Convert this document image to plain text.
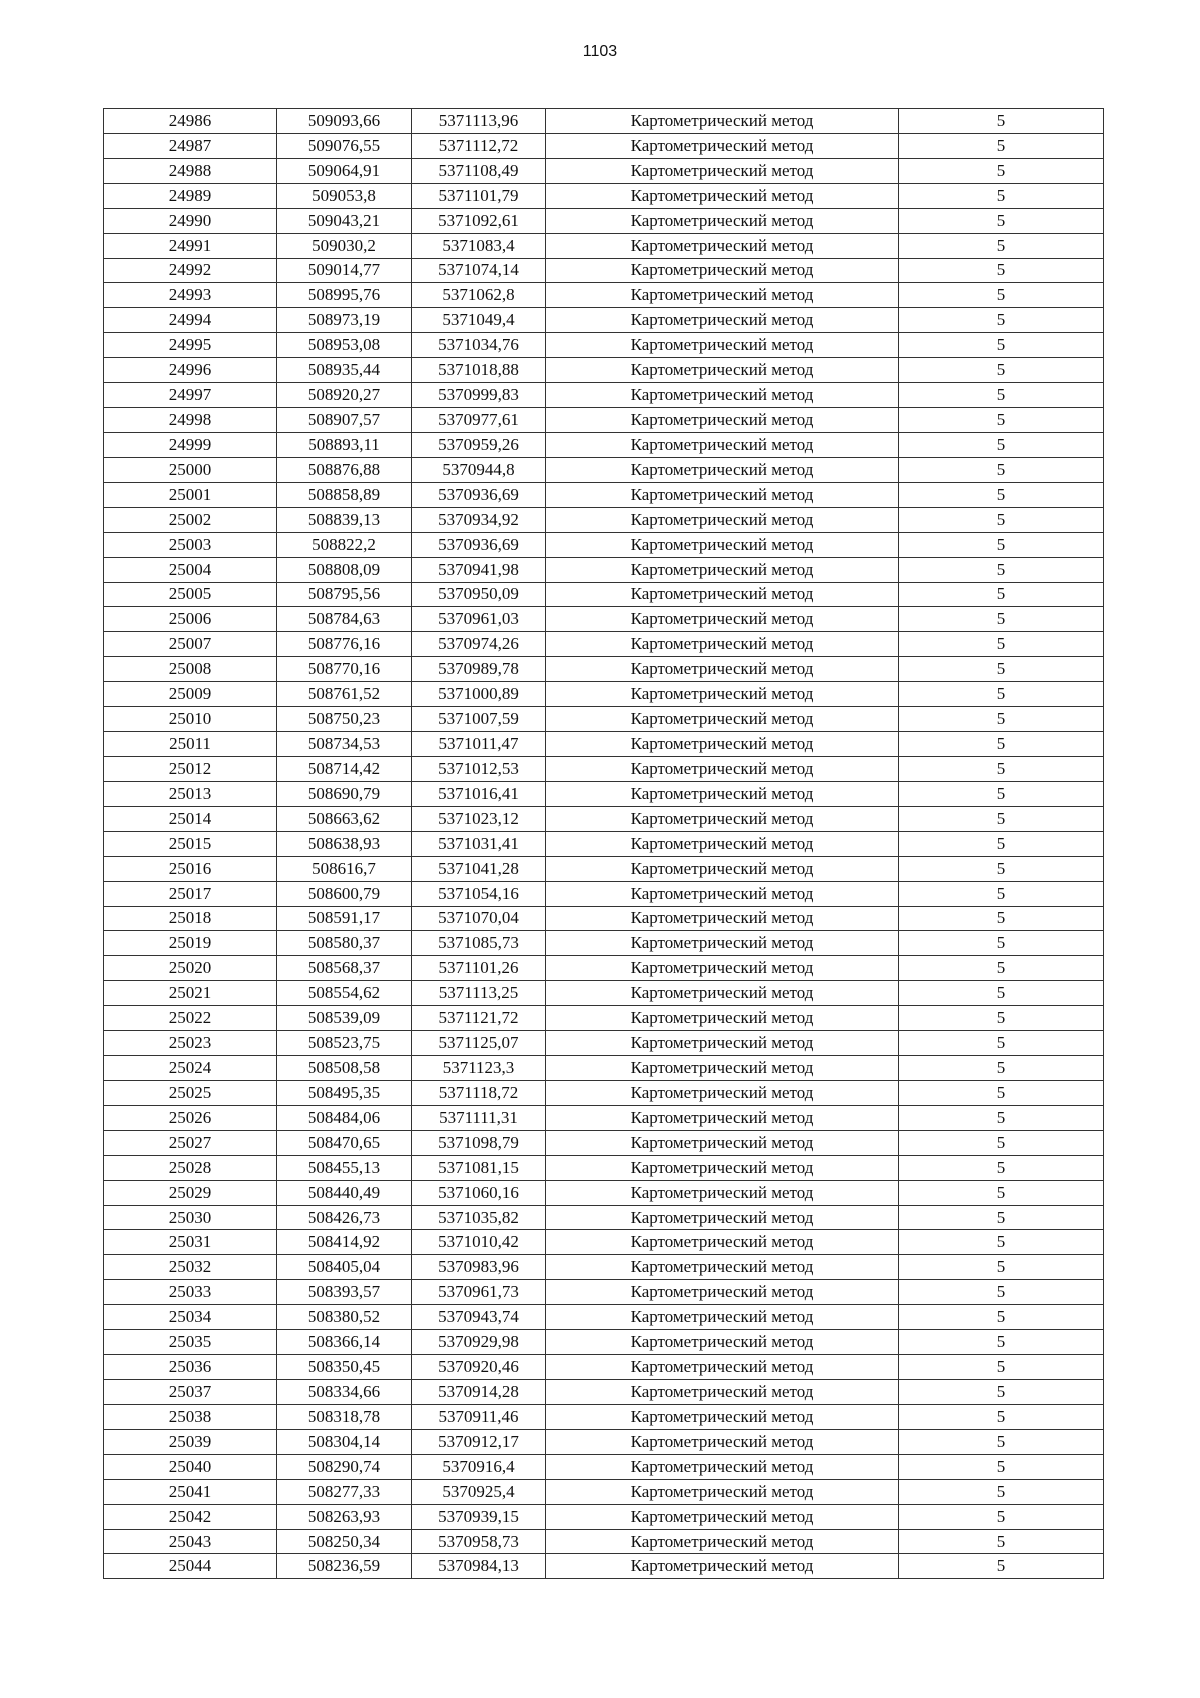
1103
24986	509093,66	5371113,96	Картометрический метод	5
24987	509076,55	5371112,72	Картометрический метод	5
24988	509064,91	5371108,49	Картометрический метод	5
24989	509053,8	5371101,79	Картометрический метод	5
24990	509043,21	5371092,61	Картометрический метод	5
24991	509030,2	5371083,4	Картометрический метод	5
24992	509014,77	5371074,14	Картометрический метод	5
24993	508995,76	5371062,8	Картометрический метод	5
24994	508973,19	5371049,4	Картометрический метод	5
24995	508953,08	5371034,76	Картометрический метод	5
24996	508935,44	5371018,88	Картометрический метод	5
24997	508920,27	5370999,83	Картометрический метод	5
24998	508907,57	5370977,61	Картометрический метод	5
24999	508893,11	5370959,26	Картометрический метод	5
25000	508876,88	5370944,8	Картометрический метод	5
25001	508858,89	5370936,69	Картометрический метод	5
25002	508839,13	5370934,92	Картометрический метод	5
25003	508822,2	5370936,69	Картометрический метод	5
25004	508808,09	5370941,98	Картометрический метод	5
25005	508795,56	5370950,09	Картометрический метод	5
25006	508784,63	5370961,03	Картометрический метод	5
25007	508776,16	5370974,26	Картометрический метод	5
25008	508770,16	5370989,78	Картометрический метод	5
25009	508761,52	5371000,89	Картометрический метод	5
25010	508750,23	5371007,59	Картометрический метод	5
25011	508734,53	5371011,47	Картометрический метод	5
25012	508714,42	5371012,53	Картометрический метод	5
25013	508690,79	5371016,41	Картометрический метод	5
25014	508663,62	5371023,12	Картометрический метод	5
25015	508638,93	5371031,41	Картометрический метод	5
25016	508616,7	5371041,28	Картометрический метод	5
25017	508600,79	5371054,16	Картометрический метод	5
25018	508591,17	5371070,04	Картометрический метод	5
25019	508580,37	5371085,73	Картометрический метод	5
25020	508568,37	5371101,26	Картометрический метод	5
25021	508554,62	5371113,25	Картометрический метод	5
25022	508539,09	5371121,72	Картометрический метод	5
25023	508523,75	5371125,07	Картометрический метод	5
25024	508508,58	5371123,3	Картометрический метод	5
25025	508495,35	5371118,72	Картометрический метод	5
25026	508484,06	5371111,31	Картометрический метод	5
25027	508470,65	5371098,79	Картометрический метод	5
25028	508455,13	5371081,15	Картометрический метод	5
25029	508440,49	5371060,16	Картометрический метод	5
25030	508426,73	5371035,82	Картометрический метод	5
25031	508414,92	5371010,42	Картометрический метод	5
25032	508405,04	5370983,96	Картометрический метод	5
25033	508393,57	5370961,73	Картометрический метод	5
25034	508380,52	5370943,74	Картометрический метод	5
25035	508366,14	5370929,98	Картометрический метод	5
25036	508350,45	5370920,46	Картометрический метод	5
25037	508334,66	5370914,28	Картометрический метод	5
25038	508318,78	5370911,46	Картометрический метод	5
25039	508304,14	5370912,17	Картометрический метод	5
25040	508290,74	5370916,4	Картометрический метод	5
25041	508277,33	5370925,4	Картометрический метод	5
25042	508263,93	5370939,15	Картометрический метод	5
25043	508250,34	5370958,73	Картометрический метод	5
25044	508236,59	5370984,13	Картометрический метод	5
